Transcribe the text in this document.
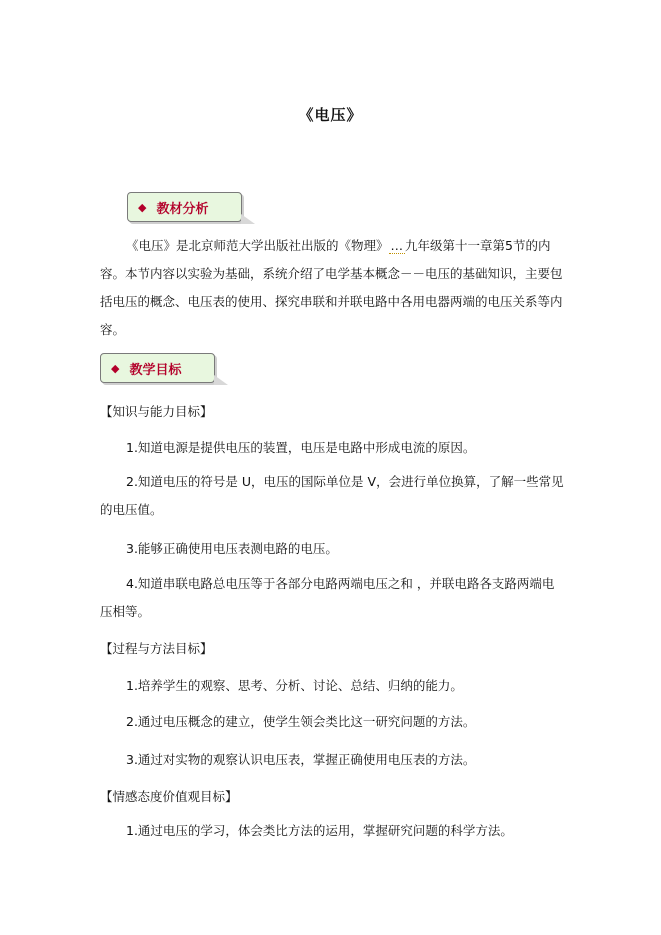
《电压》
◆ 教材分析
《电压》是北京师范大学出版社出版的《物理》 … 九年级第十一章第5节的内容。本节内容以实验为基础，系统介绍了电学基本概念－－电压的基础知识，主要包括电压的概念、电压表的使用、探究串联和并联电路中各用电器两端的电压关系等内容。
◆ 教学目标
【知识与能力目标】
1.知道电源是提供电压的装置，电压是电路中形成电流的原因。
2.知道电压的符号是 U，电压的国际单位是 V，会进行单位换算，了解一些常见的电压值。
3.能够正确使用电压表测电路的电压。
4.知道串联电路总电压等于各部分电路两端电压之和 ，并联电路各支路两端电压相等。
【过程与方法目标】
1.培养学生的观察、思考、分析、讨论、总结、归纳的能力。
2.通过电压概念的建立，使学生领会类比这一研究问题的方法。
3.通过对实物的观察认识电压表，掌握正确使用电压表的方法。
【情感态度价值观目标】
1.通过电压的学习，体会类比方法的运用，掌握研究问题的科学方法。
